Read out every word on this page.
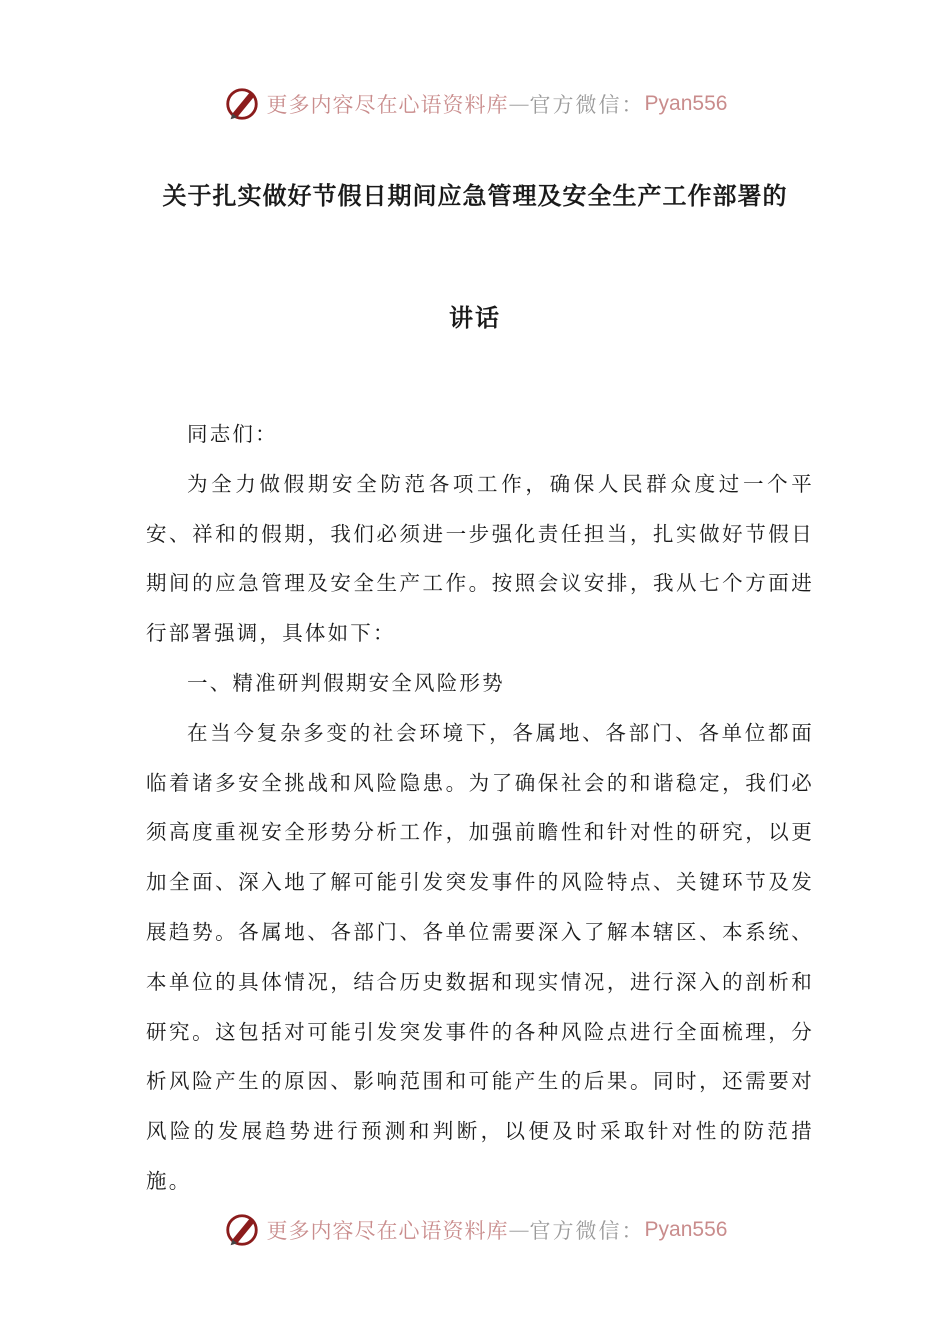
更多内容尽在心语资料库 — 官方微信： Pyan556
关于扎实做好节假日期间应急管理及安全生产工作部署的
讲话

同志们：

为全力做假期安全防范各项工作，确保人民群众度过一个平安、祥和的假期，我们必须进一步强化责任担当，扎实做好节假日期间的应急管理及安全生产工作。按照会议安排，我从七个方面进行部署强调，具体如下：

一、精准研判假期安全风险形势

在当今复杂多变的社会环境下，各属地、各部门、各单位都面临着诸多安全挑战和风险隐患。为了确保社会的和谐稳定，我们必须高度重视安全形势分析工作，加强前瞻性和针对性的研究，以更加全面、深入地了解可能引发突发事件的风险特点、关键环节及发展趋势。各属地、各部门、各单位需要深入了解本辖区、本系统、本单位的具体情况，结合历史数据和现实情况，进行深入的剖析和研究。这包括对可能引发突发事件的各种风险点进行全面梳理，分析风险产生的原因、影响范围和可能产生的后果。同时，还需要对风险的发展趋势进行预测和判断，以便及时采取针对性的防范措施。

更多内容尽在心语资料库 — 官方微信： Pyan556
